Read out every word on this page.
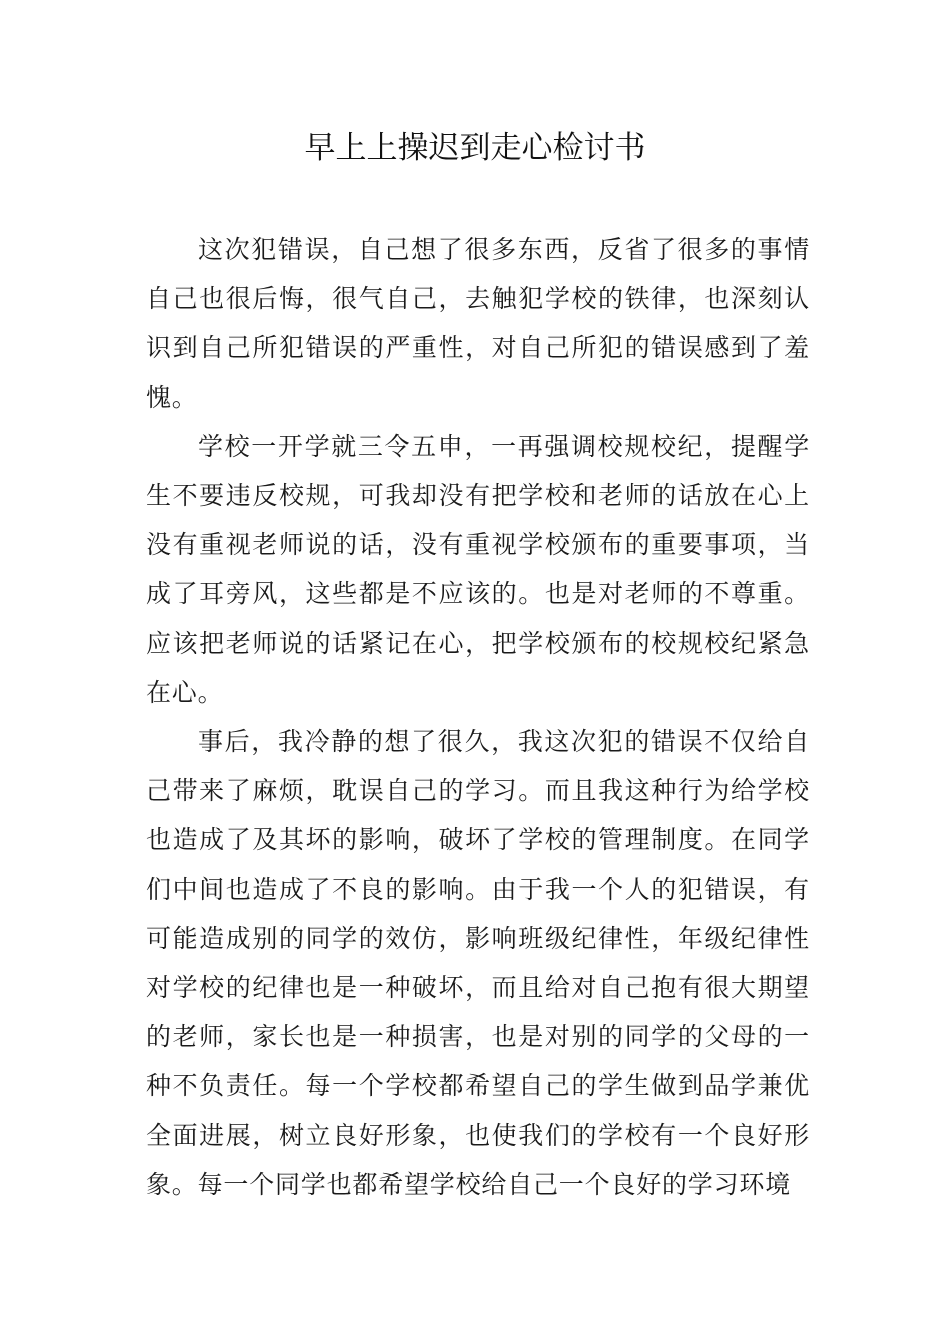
早上上操迟到走心检讨书

这次犯错误，自己想了很多东西，反省了很多的事情自己也很后悔，很气自己，去触犯学校的铁律，也深刻认识到自己所犯错误的严重性，对自己所犯的错误感到了羞愧。

学校一开学就三令五申，一再强调校规校纪，提醒学生不要违反校规，可我却没有把学校和老师的话放在心上没有重视老师说的话，没有重视学校颁布的重要事项，当成了耳旁风，这些都是不应该的。也是对老师的不尊重。应该把老师说的话紧记在心，把学校颁布的校规校纪紧急在心。

事后，我冷静的想了很久，我这次犯的错误不仅给自己带来了麻烦，耽误自己的学习。而且我这种行为给学校也造成了及其坏的影响，破坏了学校的管理制度。在同学们中间也造成了不良的影响。由于我一个人的犯错误，有可能造成别的同学的效仿，影响班级纪律性，年级纪律性对学校的纪律也是一种破坏，而且给对自己抱有很大期望的老师，家长也是一种损害，也是对别的同学的父母的一种不负责任。每一个学校都希望自己的学生做到品学兼优全面进展，树立良好形象，也使我们的学校有一个良好形象。每一个同学也都希望学校给自己一个良好的学习环境
